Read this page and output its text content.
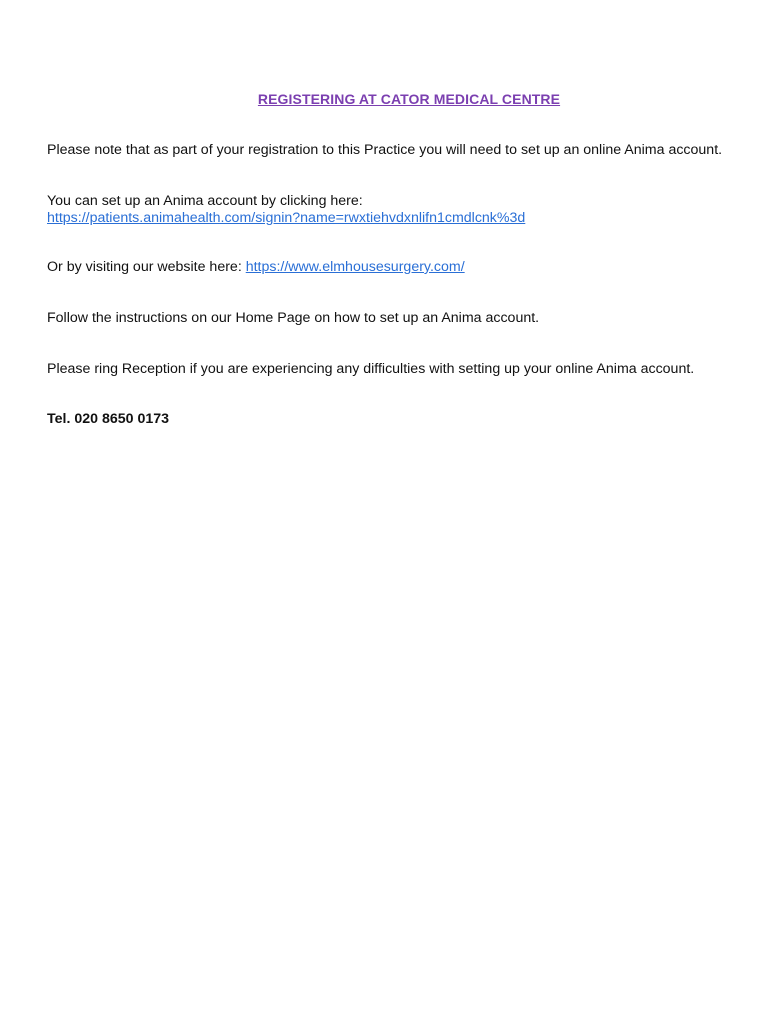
REGISTERING AT CATOR MEDICAL CENTRE
Please note that as part of your registration to this Practice you will need to set up an online Anima account.
You can set up an Anima account by clicking here:
https://patients.animahealth.com/signin?name=rwxtiehvdxnlifn1cmdlcnk%3d
Or by visiting our website here: https://www.elmhousesurgery.com/
Follow the instructions on our Home Page on how to set up an Anima account.
Please ring Reception if you are experiencing any difficulties with setting up your online Anima account.
Tel. 020 8650 0173
